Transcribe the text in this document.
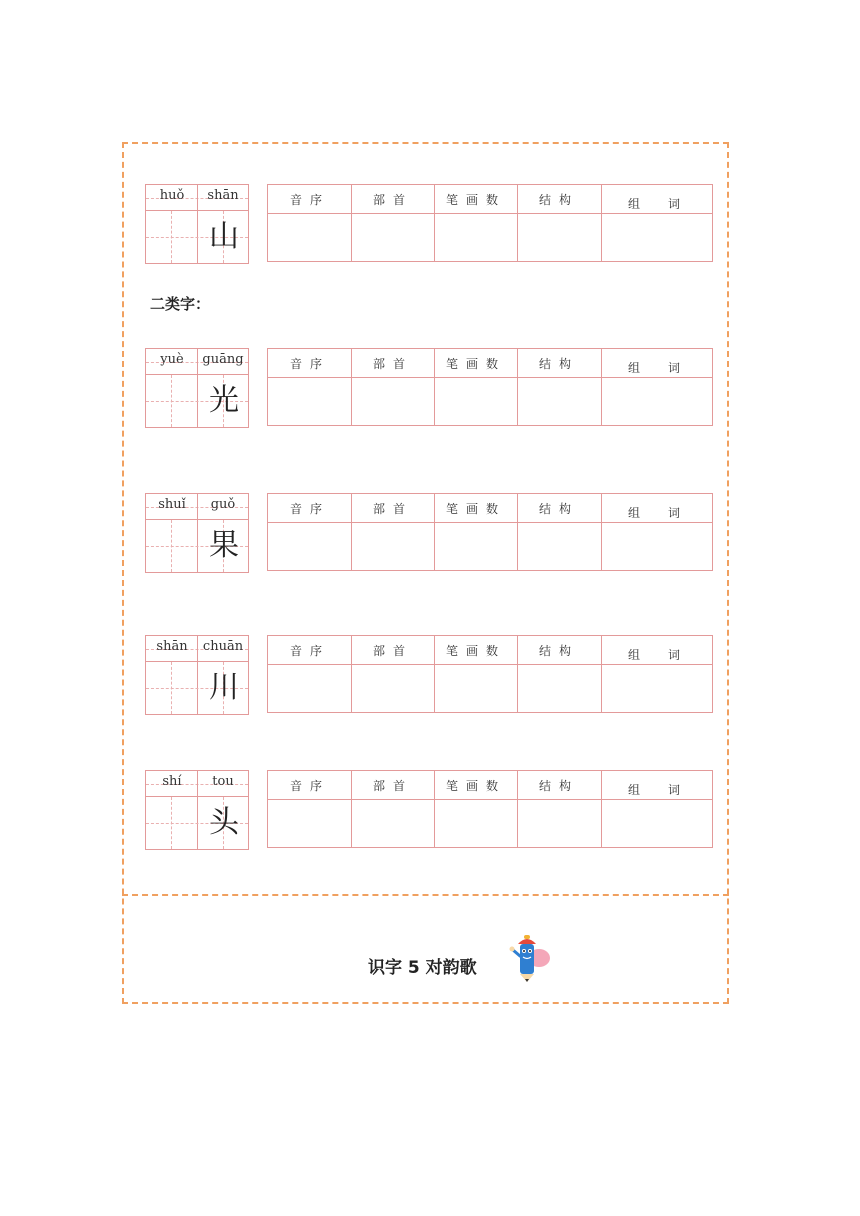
二类字：
huǒ	shān
山
音序	部首	笔画数	结构	组　词
yuè	guāng
光
音序	部首	笔画数	结构	组　词
shuǐ	guǒ
果
音序	部首	笔画数	结构	组　词
shān	chuān
川
音序	部首	笔画数	结构	组　词
shí	tou
头
音序	部首	笔画数	结构	组　词
识字 5 对韵歌
